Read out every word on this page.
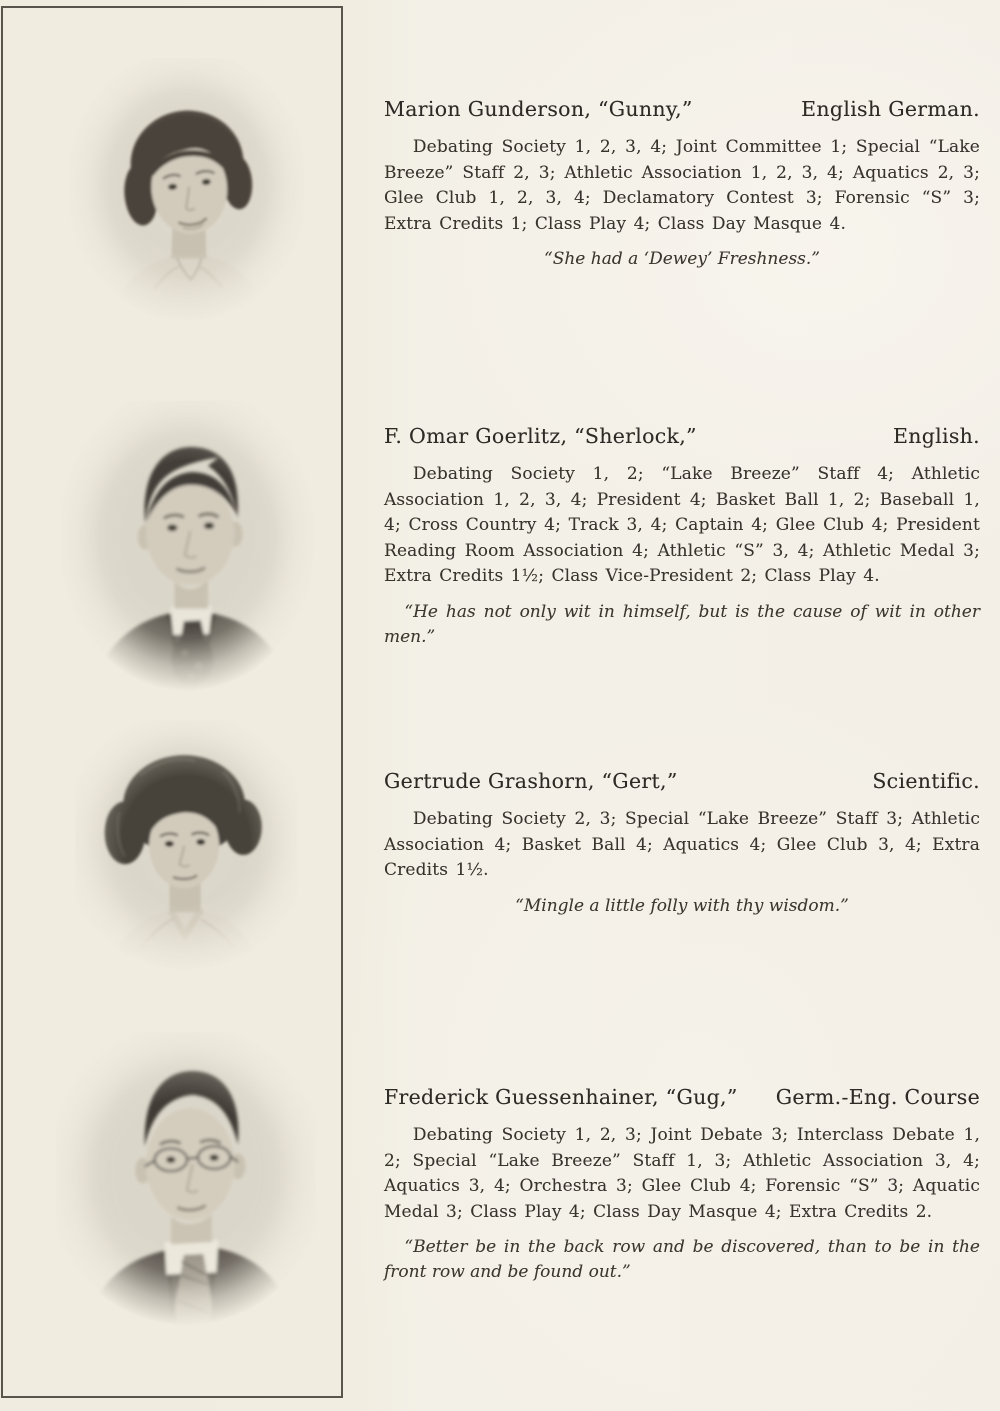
Marion Gunderson, “Gunny,”	English German.

Debating Society 1, 2, 3, 4; Joint Committee 1; Special “Lake Breeze” Staff 2, 3; Athletic Association 1, 2, 3, 4; Aquatics 2, 3; Glee Club 1, 2, 3, 4; Declamatory Contest 3; Forensic “S” 3; Extra Credits 1; Class Play 4; Class Day Masque 4.

“She had a ‘Dewey’ Freshness.”

F. Omar Goerlitz, “Sherlock,”	English.

Debating Society 1, 2; “Lake Breeze” Staff 4; Athletic Association 1, 2, 3, 4; President 4; Basket Ball 1, 2; Baseball 1, 4; Cross Country 4; Track 3, 4; Captain 4; Glee Club 4; President Reading Room Association 4; Athletic “S” 3, 4; Athletic Medal 3; Extra Credits 1½; Class Vice-President 2; Class Play 4.

“He has not only wit in himself, but is the cause of wit in other men.”

Gertrude Grashorn, “Gert,”	Scientific.

Debating Society 2, 3; Special “Lake Breeze” Staff 3; Athletic Association 4; Basket Ball 4; Aquatics 4; Glee Club 3, 4; Extra Credits 1½.

“Mingle a little folly with thy wisdom.”

Frederick Guessenhainer, “Gug,” Germ.-Eng. Course

Debating Society 1, 2, 3; Joint Debate 3; Interclass Debate 1, 2; Special “Lake Breeze” Staff 1, 3; Athletic Association 3, 4; Aquatics 3, 4; Orchestra 3; Glee Club 4; Forensic “S” 3; Aquatic Medal 3; Class Play 4; Class Day Masque 4; Extra Credits 2.

“Better be in the back row and be discovered, than to be in the front row and be found out.”
